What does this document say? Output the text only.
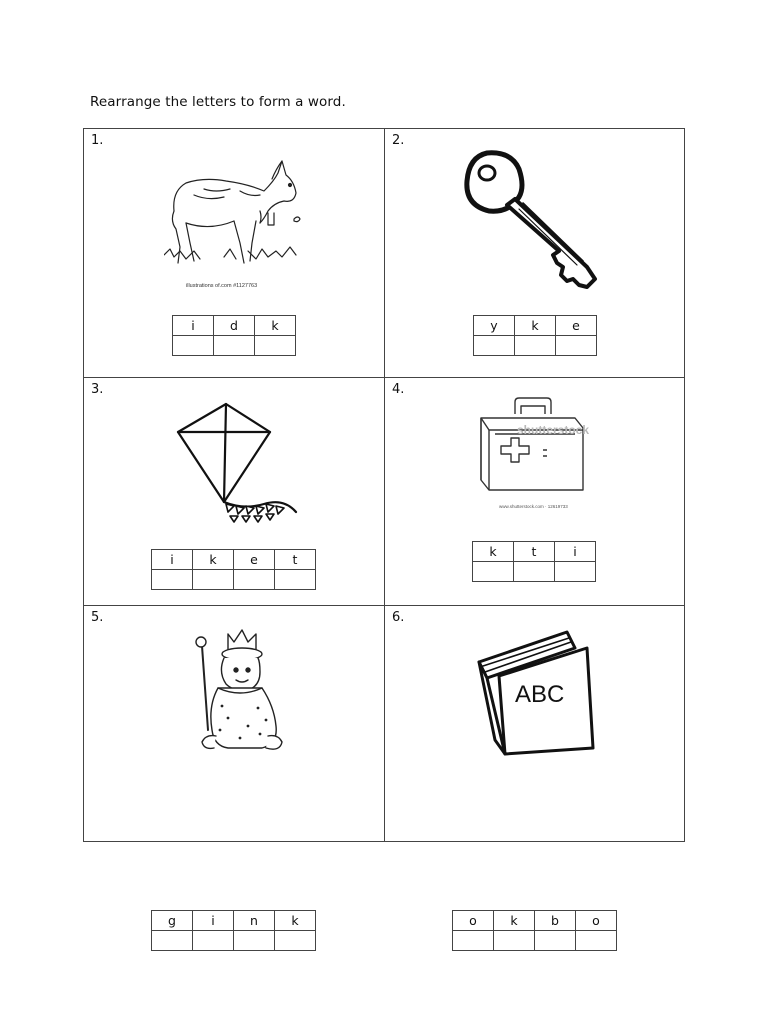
Rearrange the letters to form a word.
1.
illustrations of.com #1127763
i	d	k

2.
y	k	e

3.
i	k	e	t

4.
shutterstock
www.shutterstock.com · 12619733
k	t	i

5.
g	i	n	k

6.
ABC
o	k	b	o
